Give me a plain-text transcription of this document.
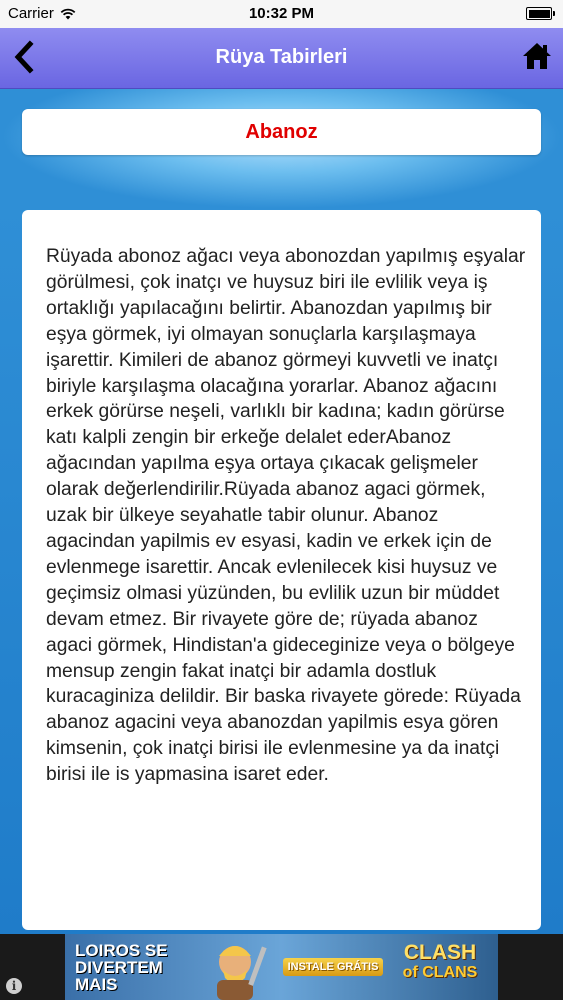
Carrier	10:32 PM
Rüya Tabirleri
Abanoz
Rüyada abonoz ağacı veya abonozdan yapılmış eşyalar görülmesi, çok inatçı ve huysuz biri ile evlilik veya iş ortaklığı yapılacağını belirtir. Abanozdan yapılmış bir eşya görmek, iyi olmayan sonuçlarla karşılaşmaya işarettir. Kimileri de abanoz görmeyi kuvvetli ve inatçı biriyle karşılaşma olacağına yorarlar. Abanoz ağacını erkek görürse neşeli, varlıklı bir kadına; kadın görürse katı kalpli zengin bir erkeğe delalet ederAbanoz ağacından yapılma eşya ortaya çıkacak gelişmeler olarak değerlendirilir.Rüyada abanoz agaci görmek, uzak bir ülkeye seyahatle tabir olunur. Abanoz agacindan yapilmis ev esyasi, kadin ve erkek için de evlenmege isarettir. Ancak evlenilecek kisi huysuz ve geçimsiz olmasi yüzünden, bu evlilik uzun bir müddet devam etmez. Bir rivayete göre de; rüyada abanoz agaci görmek, Hindistan'a gideceginize veya o bölgeye mensup zengin fakat inatçi bir adamla dostluk kuracaginiza delildir. Bir baska rivayete görede: Rüyada abanoz agacini veya abanozdan yapilmis esya gören kimsenin, çok inatçi birisi ile evlenmesine ya da inatçi birisi ile is yapmasina isaret eder.
LOIROS SE DIVERTEM MAIS
INSTALE GRÁTIS
CLASH
of CLANS
i
